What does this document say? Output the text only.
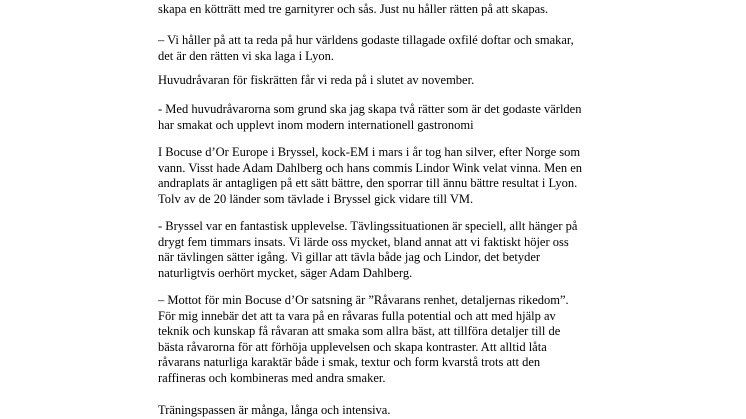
skapa en kötträtt med tre garnityrer och sås. Just nu håller rätten på att skapas.

– Vi håller på att ta reda på hur världens godaste tillagade oxfilé doftar och smakar,
det är den rätten vi ska laga i Lyon.

Huvudråvaran för fiskrätten får vi reda på i slutet av november.

- Med huvudråvarorna som grund ska jag skapa två rätter som är det godaste världen
har smakat och upplevt inom modern internationell gastronomi

I Bocuse d’Or Europe i Bryssel, kock-EM i mars i år tog han silver, efter Norge som
vann. Visst hade Adam Dahlberg och hans commis Lindor Wink velat vinna. Men en
andraplats är antagligen på ett sätt bättre, den sporrar till ännu bättre resultat i Lyon.
Tolv av de 20 länder som tävlade i Bryssel gick vidare till VM.

- Bryssel var en fantastisk upplevelse. Tävlingssituationen är speciell, allt hänger på
drygt fem timmars insats. Vi lärde oss mycket, bland annat att vi faktiskt höjer oss
när tävlingen sätter igång. Vi gillar att tävla både jag och Lindor, det betyder
naturligtvis oerhört mycket, säger Adam Dahlberg.

– Mottot för min Bocuse d’Or satsning är ”Råvarans renhet, detaljernas rikedom”.
För mig innebär det att ta vara på en råvaras fulla potential och att med hjälp av
teknik och kunskap få råvaran att smaka som allra bäst, att tillföra detaljer till de
bästa råvarorna för att förhöja upplevelsen och skapa kontraster. Att alltid låta
råvarans naturliga karaktär både i smak, textur och form kvarstå trots att den
raffineras och kombineras med andra smaker.

Träningspassen är många, långa och intensiva.
